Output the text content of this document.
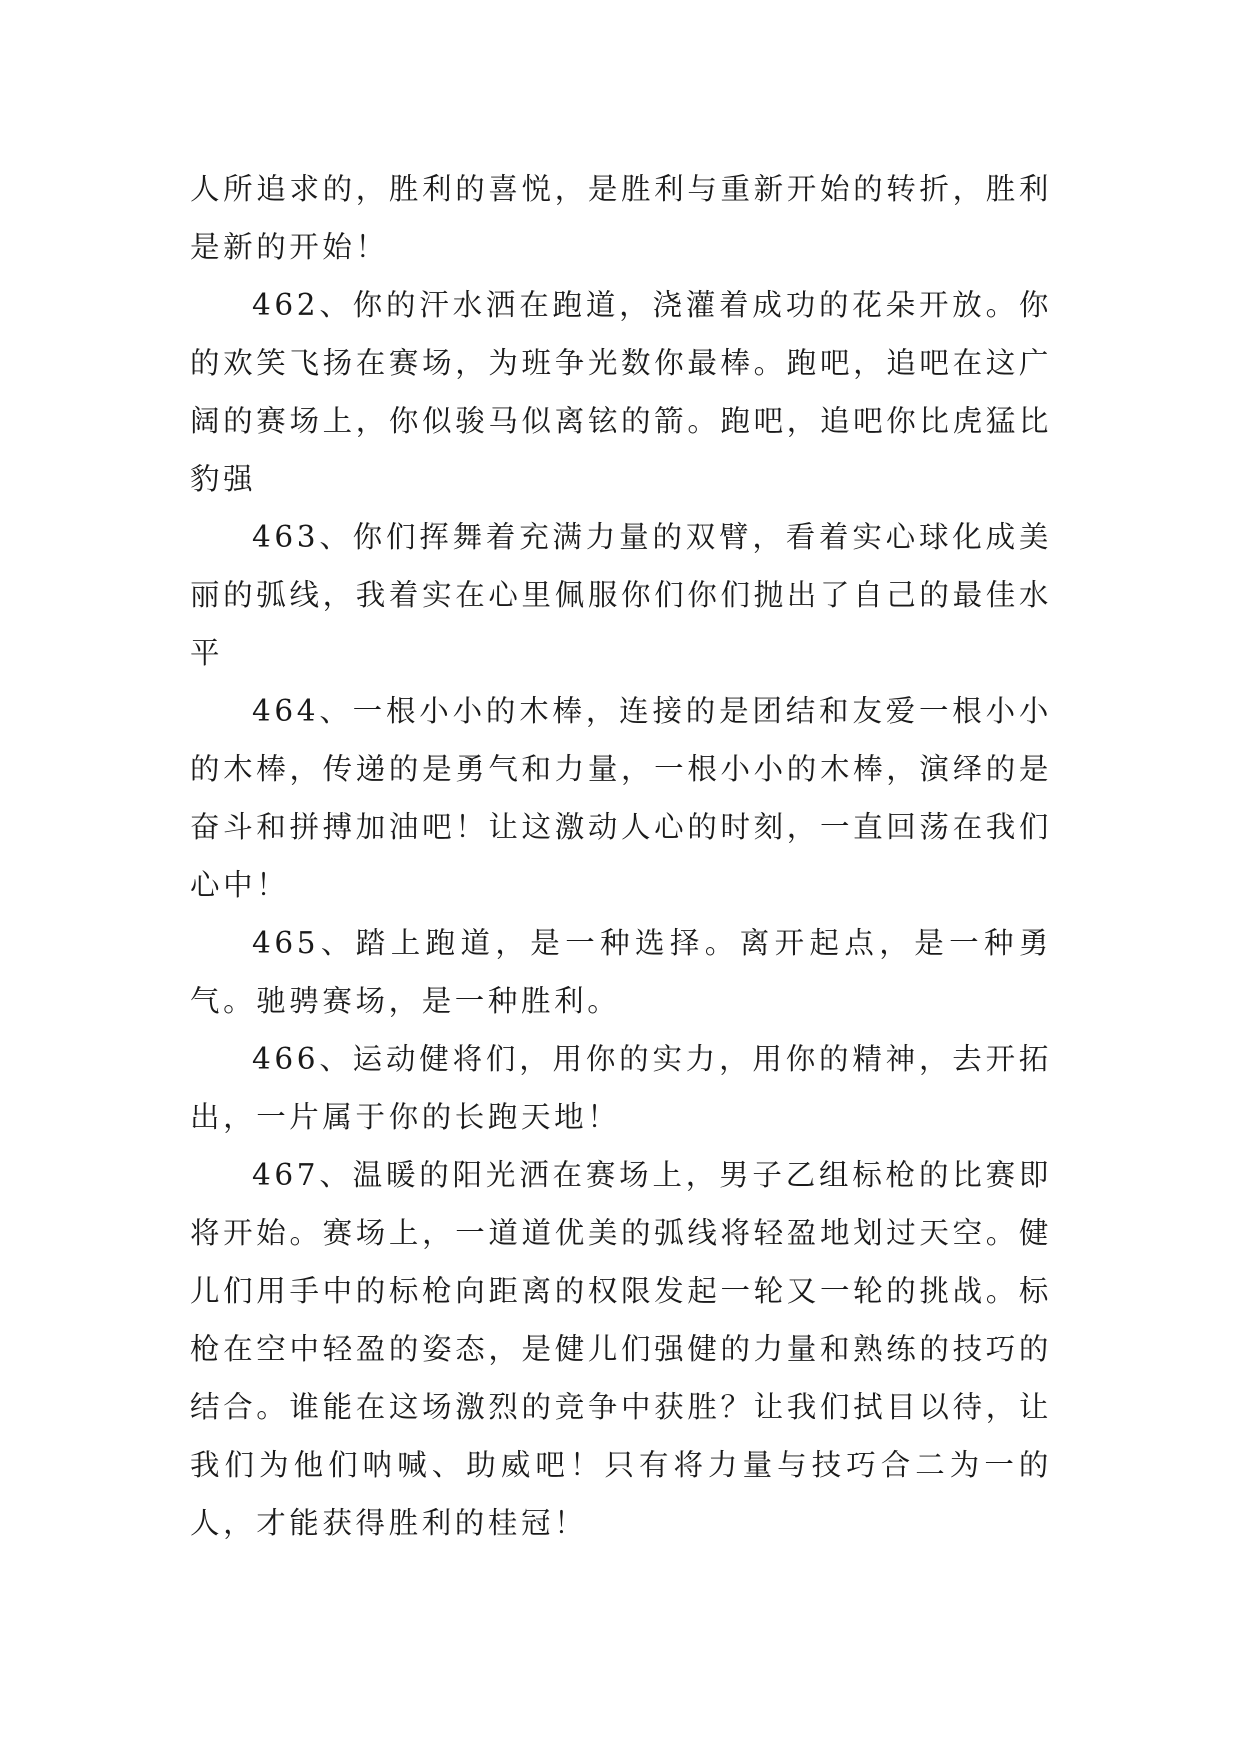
人所追求的，胜利的喜悦，是胜利与重新开始的转折，胜利是新的开始！

462、你的汗水洒在跑道，浇灌着成功的花朵开放。你的欢笑飞扬在赛场，为班争光数你最棒。跑吧，追吧在这广阔的赛场上，你似骏马似离铉的箭。跑吧，追吧你比虎猛比豹强

463、你们挥舞着充满力量的双臂，看着实心球化成美丽的弧线，我着实在心里佩服你们你们抛出了自己的最佳水平

464、一根小小的木棒，连接的是团结和友爱一根小小的木棒，传递的是勇气和力量，一根小小的木棒，演绎的是奋斗和拼搏加油吧！让这激动人心的时刻，一直回荡在我们心中！

465、踏上跑道，是一种选择。离开起点，是一种勇气。驰骋赛场，是一种胜利。

466、运动健将们，用你的实力，用你的精神，去开拓出，一片属于你的长跑天地！

467、温暖的阳光洒在赛场上，男子乙组标枪的比赛即将开始。赛场上，一道道优美的弧线将轻盈地划过天空。健儿们用手中的标枪向距离的权限发起一轮又一轮的挑战。标枪在空中轻盈的姿态，是健儿们强健的力量和熟练的技巧的结合。谁能在这场激烈的竞争中获胜？让我们拭目以待，让我们为他们呐喊、助威吧！只有将力量与技巧合二为一的人，才能获得胜利的桂冠！
